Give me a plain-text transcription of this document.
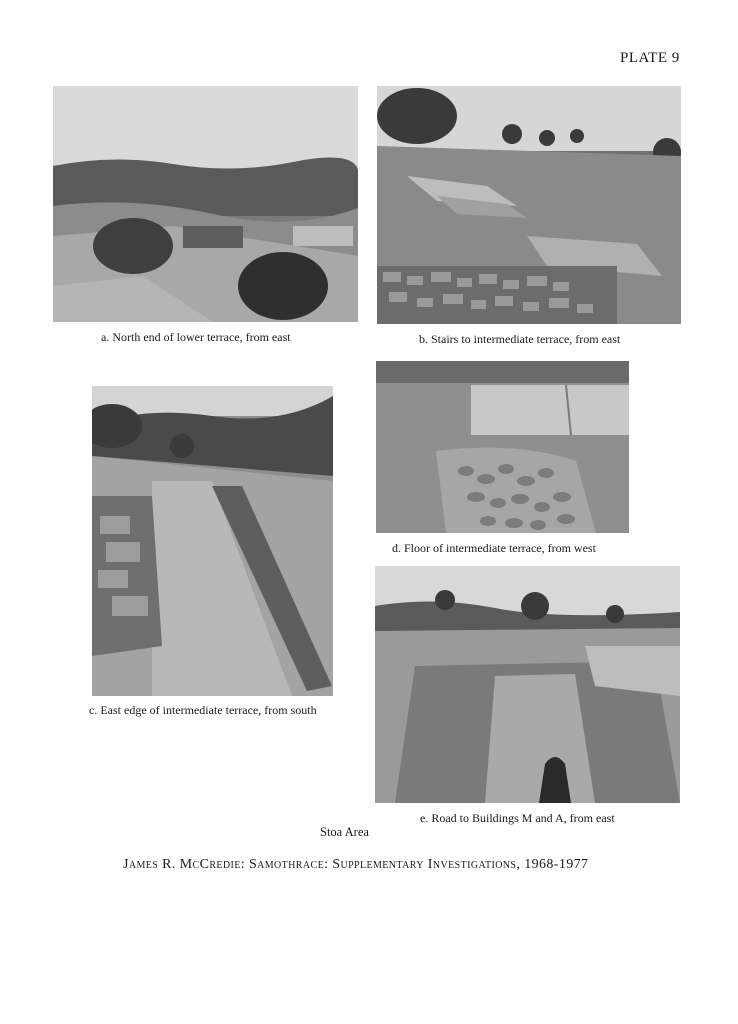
PLATE 9
a. North end of lower terrace, from east	b. Stairs to intermediate terrace, from east
c. East edge of intermediate terrace, from south
d. Floor of intermediate terrace, from west
e. Road to Buildings M and A, from east
Stoa Area
James R. McCredie: Samothrace: Supplementary Investigations, 1968-1977
